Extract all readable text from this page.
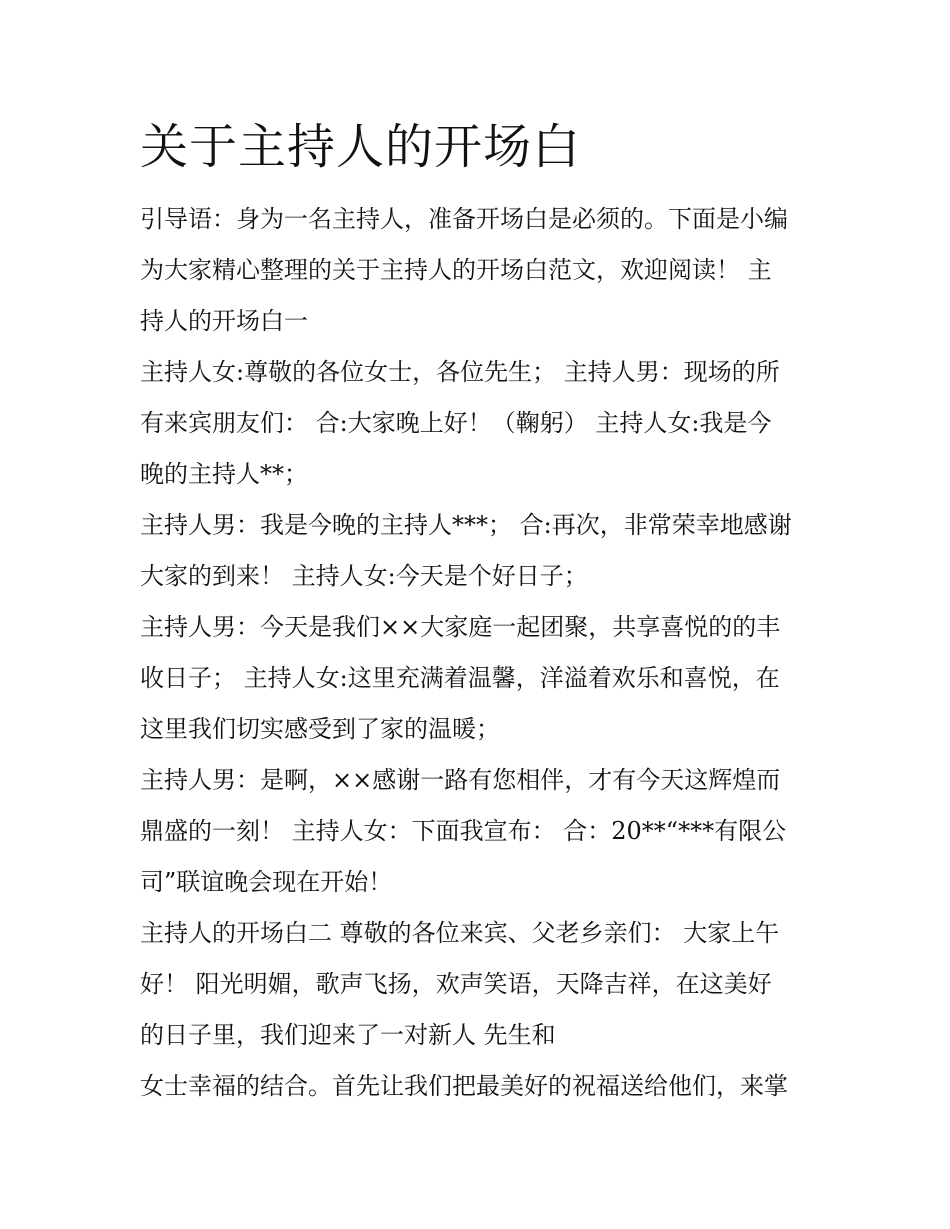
关于主持人的开场白
引导语：身为一名主持人，准备开场白是必须的。下面是小编
为大家精心整理的关于主持人的开场白范文，欢迎阅读！ 主
持人的开场白一
主持人女:尊敬的各位女士，各位先生； 主持人男：现场的所
有来宾朋友们： 合:大家晚上好！（鞠躬） 主持人女:我是今
晚的主持人**；
主持人男：我是今晚的主持人***； 合:再次，非常荣幸地感谢
大家的到来！ 主持人女:今天是个好日子；
主持人男：今天是我们××大家庭一起团聚，共享喜悦的的丰
收日子； 主持人女:这里充满着温馨，洋溢着欢乐和喜悦，在
这里我们切实感受到了家的温暖；
主持人男：是啊，××感谢一路有您相伴，才有今天这辉煌而
鼎盛的一刻！ 主持人女：下面我宣布： 合：20**“***有限公
司”联谊晚会现在开始！
主持人的开场白二 尊敬的各位来宾、父老乡亲们： 大家上午
好！ 阳光明媚，歌声飞扬，欢声笑语，天降吉祥，在这美好
的日子里，我们迎来了一对新人 先生和
女士幸福的结合。首先让我们把最美好的祝福送给他们，来掌
